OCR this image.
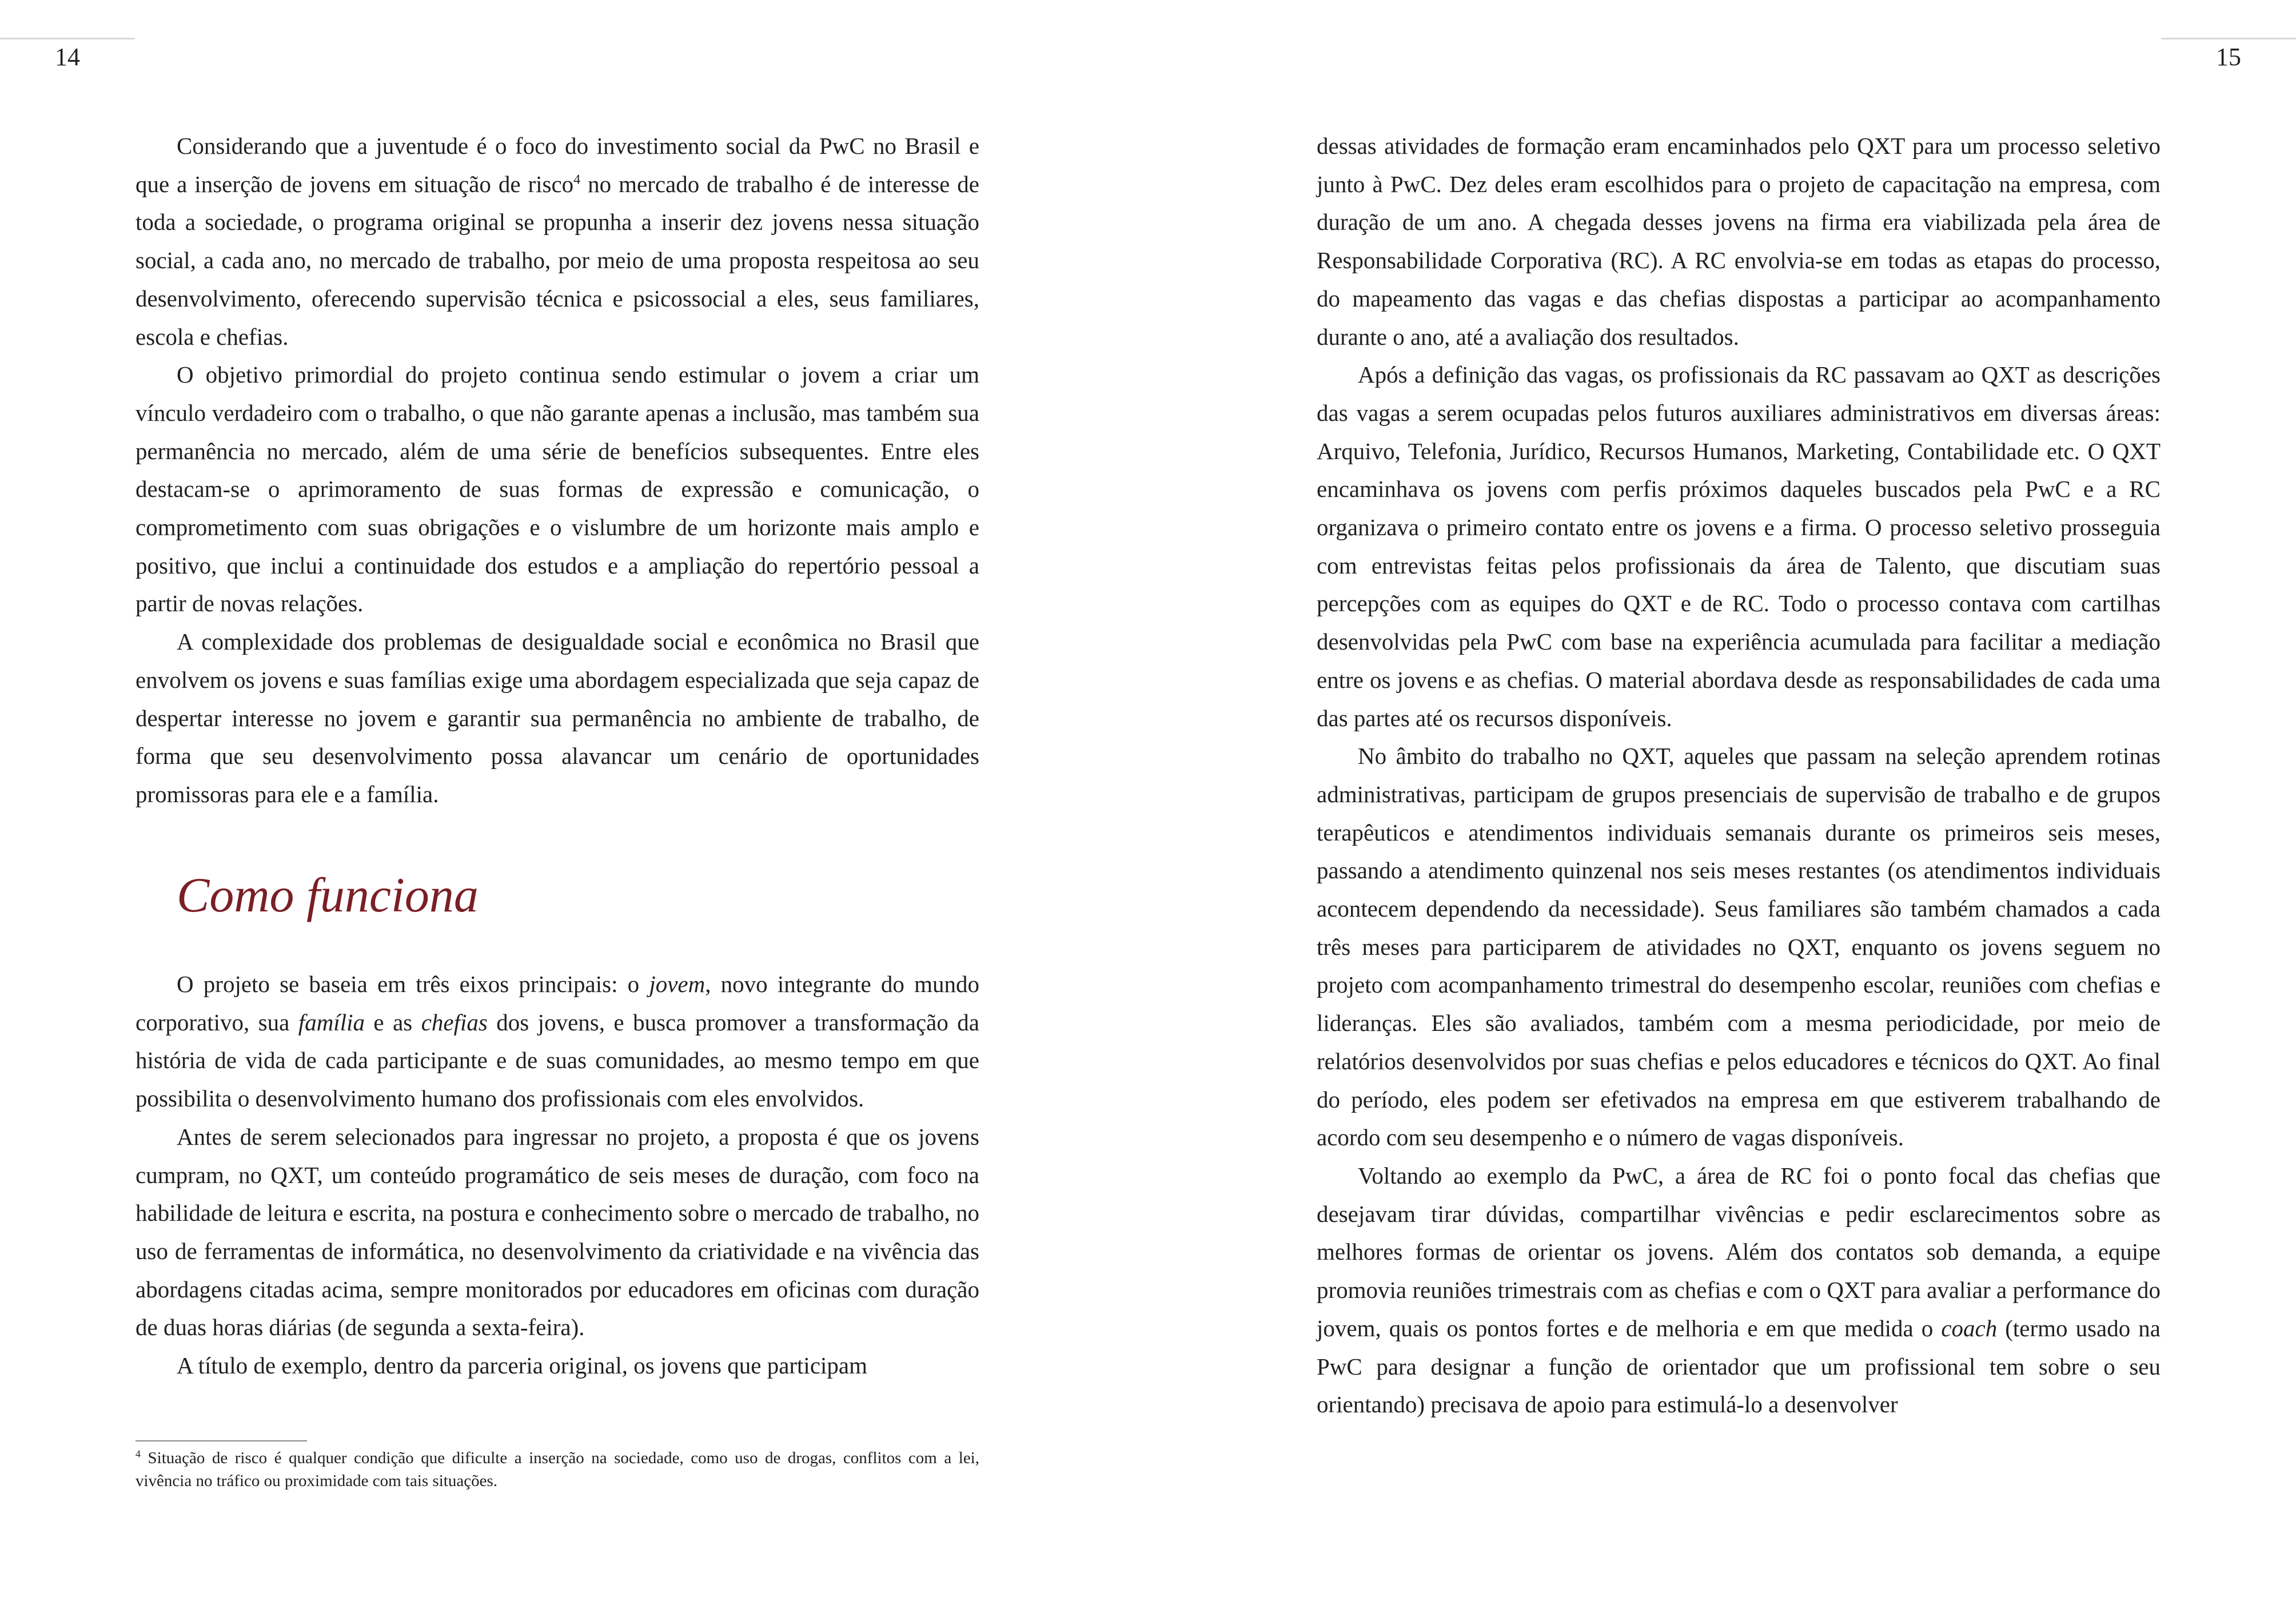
14

Considerando que a juventude é o foco do investimento social da PwC no Brasil e que a inserção de jovens em situação de risco$^4$ no mercado de trabalho é de interesse de toda a sociedade, o programa original se propunha a inserir dez jovens nessa situação social, a cada ano, no mercado de trabalho, por meio de uma proposta respeitosa ao seu desenvolvimento, oferecendo supervisão técnica e psicossocial a eles, seus familiares, escola e chefias.

O objetivo primordial do projeto continua sendo estimular o jovem a criar um vínculo verdadeiro com o trabalho, o que não garante apenas a inclusão, mas também sua permanência no mercado, além de uma série de benefícios subsequentes. Entre eles destacam-se o aprimoramento de suas formas de expressão e comunicação, o comprometimento com suas obrigações e o vislumbre de um horizonte mais amplo e positivo, que inclui a continuidade dos estudos e a ampliação do repertório pessoal a partir de novas relações.

A complexidade dos problemas de desigualdade social e econômica no Brasil que envolvem os jovens e suas famílias exige uma abordagem especializada que seja capaz de despertar interesse no jovem e garantir sua permanência no ambiente de trabalho, de forma que seu desenvolvimento possa alavancar um cenário de oportunidades promissoras para ele e a família.

Como funciona

O projeto se baseia em três eixos principais: o jovem, novo integrante do mundo corporativo, sua família e as chefias dos jovens, e busca promover a transformação da história de vida de cada participante e de suas comunidades, ao mesmo tempo em que possibilita o desenvolvimento humano dos profissionais com eles envolvidos.

Antes de serem selecionados para ingressar no projeto, a proposta é que os jovens cumpram, no QXT, um conteúdo programático de seis meses de duração, com foco na habilidade de leitura e escrita, na postura e conhecimento sobre o mercado de trabalho, no uso de ferramentas de informática, no desenvolvimento da criatividade e na vivência das abordagens citadas acima, sempre monitorados por educadores em oficinas com duração de duas horas diárias (de segunda a sexta-feira).

A título de exemplo, dentro da parceria original, os jovens que participam

$^4$ Situação de risco é qualquer condição que dificulte a inserção na sociedade, como uso de drogas, conflitos com a lei, vivência no tráfico ou proximidade com tais situações.
15

dessas atividades de formação eram encaminhados pelo QXT para um processo seletivo junto à PwC. Dez deles eram escolhidos para o projeto de capacitação na empresa, com duração de um ano. A chegada desses jovens na firma era viabilizada pela área de Responsabilidade Corporativa (RC). A RC envolvia-se em todas as etapas do processo, do mapeamento das vagas e das chefias dispostas a participar ao acompanhamento durante o ano, até a avaliação dos resultados.

Após a definição das vagas, os profissionais da RC passavam ao QXT as descrições das vagas a serem ocupadas pelos futuros auxiliares administrativos em diversas áreas: Arquivo, Telefonia, Jurídico, Recursos Humanos, Marketing, Contabilidade etc. O QXT encaminhava os jovens com perfis próximos daqueles buscados pela PwC e a RC organizava o primeiro contato entre os jovens e a firma. O processo seletivo prosseguia com entrevistas feitas pelos profissionais da área de Talento, que discutiam suas percepções com as equipes do QXT e de RC. Todo o processo contava com cartilhas desenvolvidas pela PwC com base na experiência acumulada para facilitar a mediação entre os jovens e as chefias. O material abordava desde as responsabilidades de cada uma das partes até os recursos disponíveis.

No âmbito do trabalho no QXT, aqueles que passam na seleção aprendem rotinas administrativas, participam de grupos presenciais de supervisão de trabalho e de grupos terapêuticos e atendimentos individuais semanais durante os primeiros seis meses, passando a atendimento quinzenal nos seis meses restantes (os atendimentos individuais acontecem dependendo da necessidade). Seus familiares são também chamados a cada três meses para participarem de atividades no QXT, enquanto os jovens seguem no projeto com acompanhamento trimestral do desempenho escolar, reuniões com chefias e lideranças. Eles são avaliados, também com a mesma periodicidade, por meio de relatórios desenvolvidos por suas chefias e pelos educadores e técnicos do QXT. Ao final do período, eles podem ser efetivados na empresa em que estiverem trabalhando de acordo com seu desempenho e o número de vagas disponíveis.

Voltando ao exemplo da PwC, a área de RC foi o ponto focal das chefias que desejavam tirar dúvidas, compartilhar vivências e pedir esclarecimentos sobre as melhores formas de orientar os jovens. Além dos contatos sob demanda, a equipe promovia reuniões trimestrais com as chefias e com o QXT para avaliar a performance do jovem, quais os pontos fortes e de melhoria e em que medida o coach (termo usado na PwC para designar a função de orientador que um profissional tem sobre o seu orientando) precisava de apoio para estimulá-lo a desenvolver
